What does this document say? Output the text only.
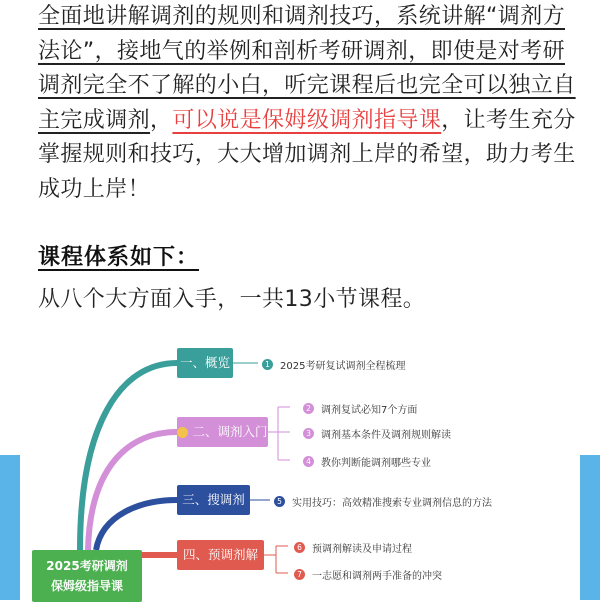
全面地讲解调剂的规则和调剂技巧，系统讲解“调剂方
法论”，接地气的举例和剖析考研调剂，即使是对考研
调剂完全不了解的小白，听完课程后也完全可以独立自
主完成调剂，可以说是保姆级调剂指导课，让考生充分
掌握规则和技巧，大大增加调剂上岸的希望，助力考生
成功上岸！
课程体系如下：
从八个大方面入手，一共13小节课程。
一、概览
二、调剂入门
三、搜调剂
四、预调剂解析
1	2025考研复试调剂全程梳理
2	调剂复试必知7个方面
3	调剂基本条件及调剂规则解读
4	教你判断能调剂哪些专业
5	实用技巧：高效精准搜索专业调剂信息的方法
6	预调剂解读及申请过程
7	一志愿和调剂两手准备的冲突
2025考研调剂
保姆级指导课
